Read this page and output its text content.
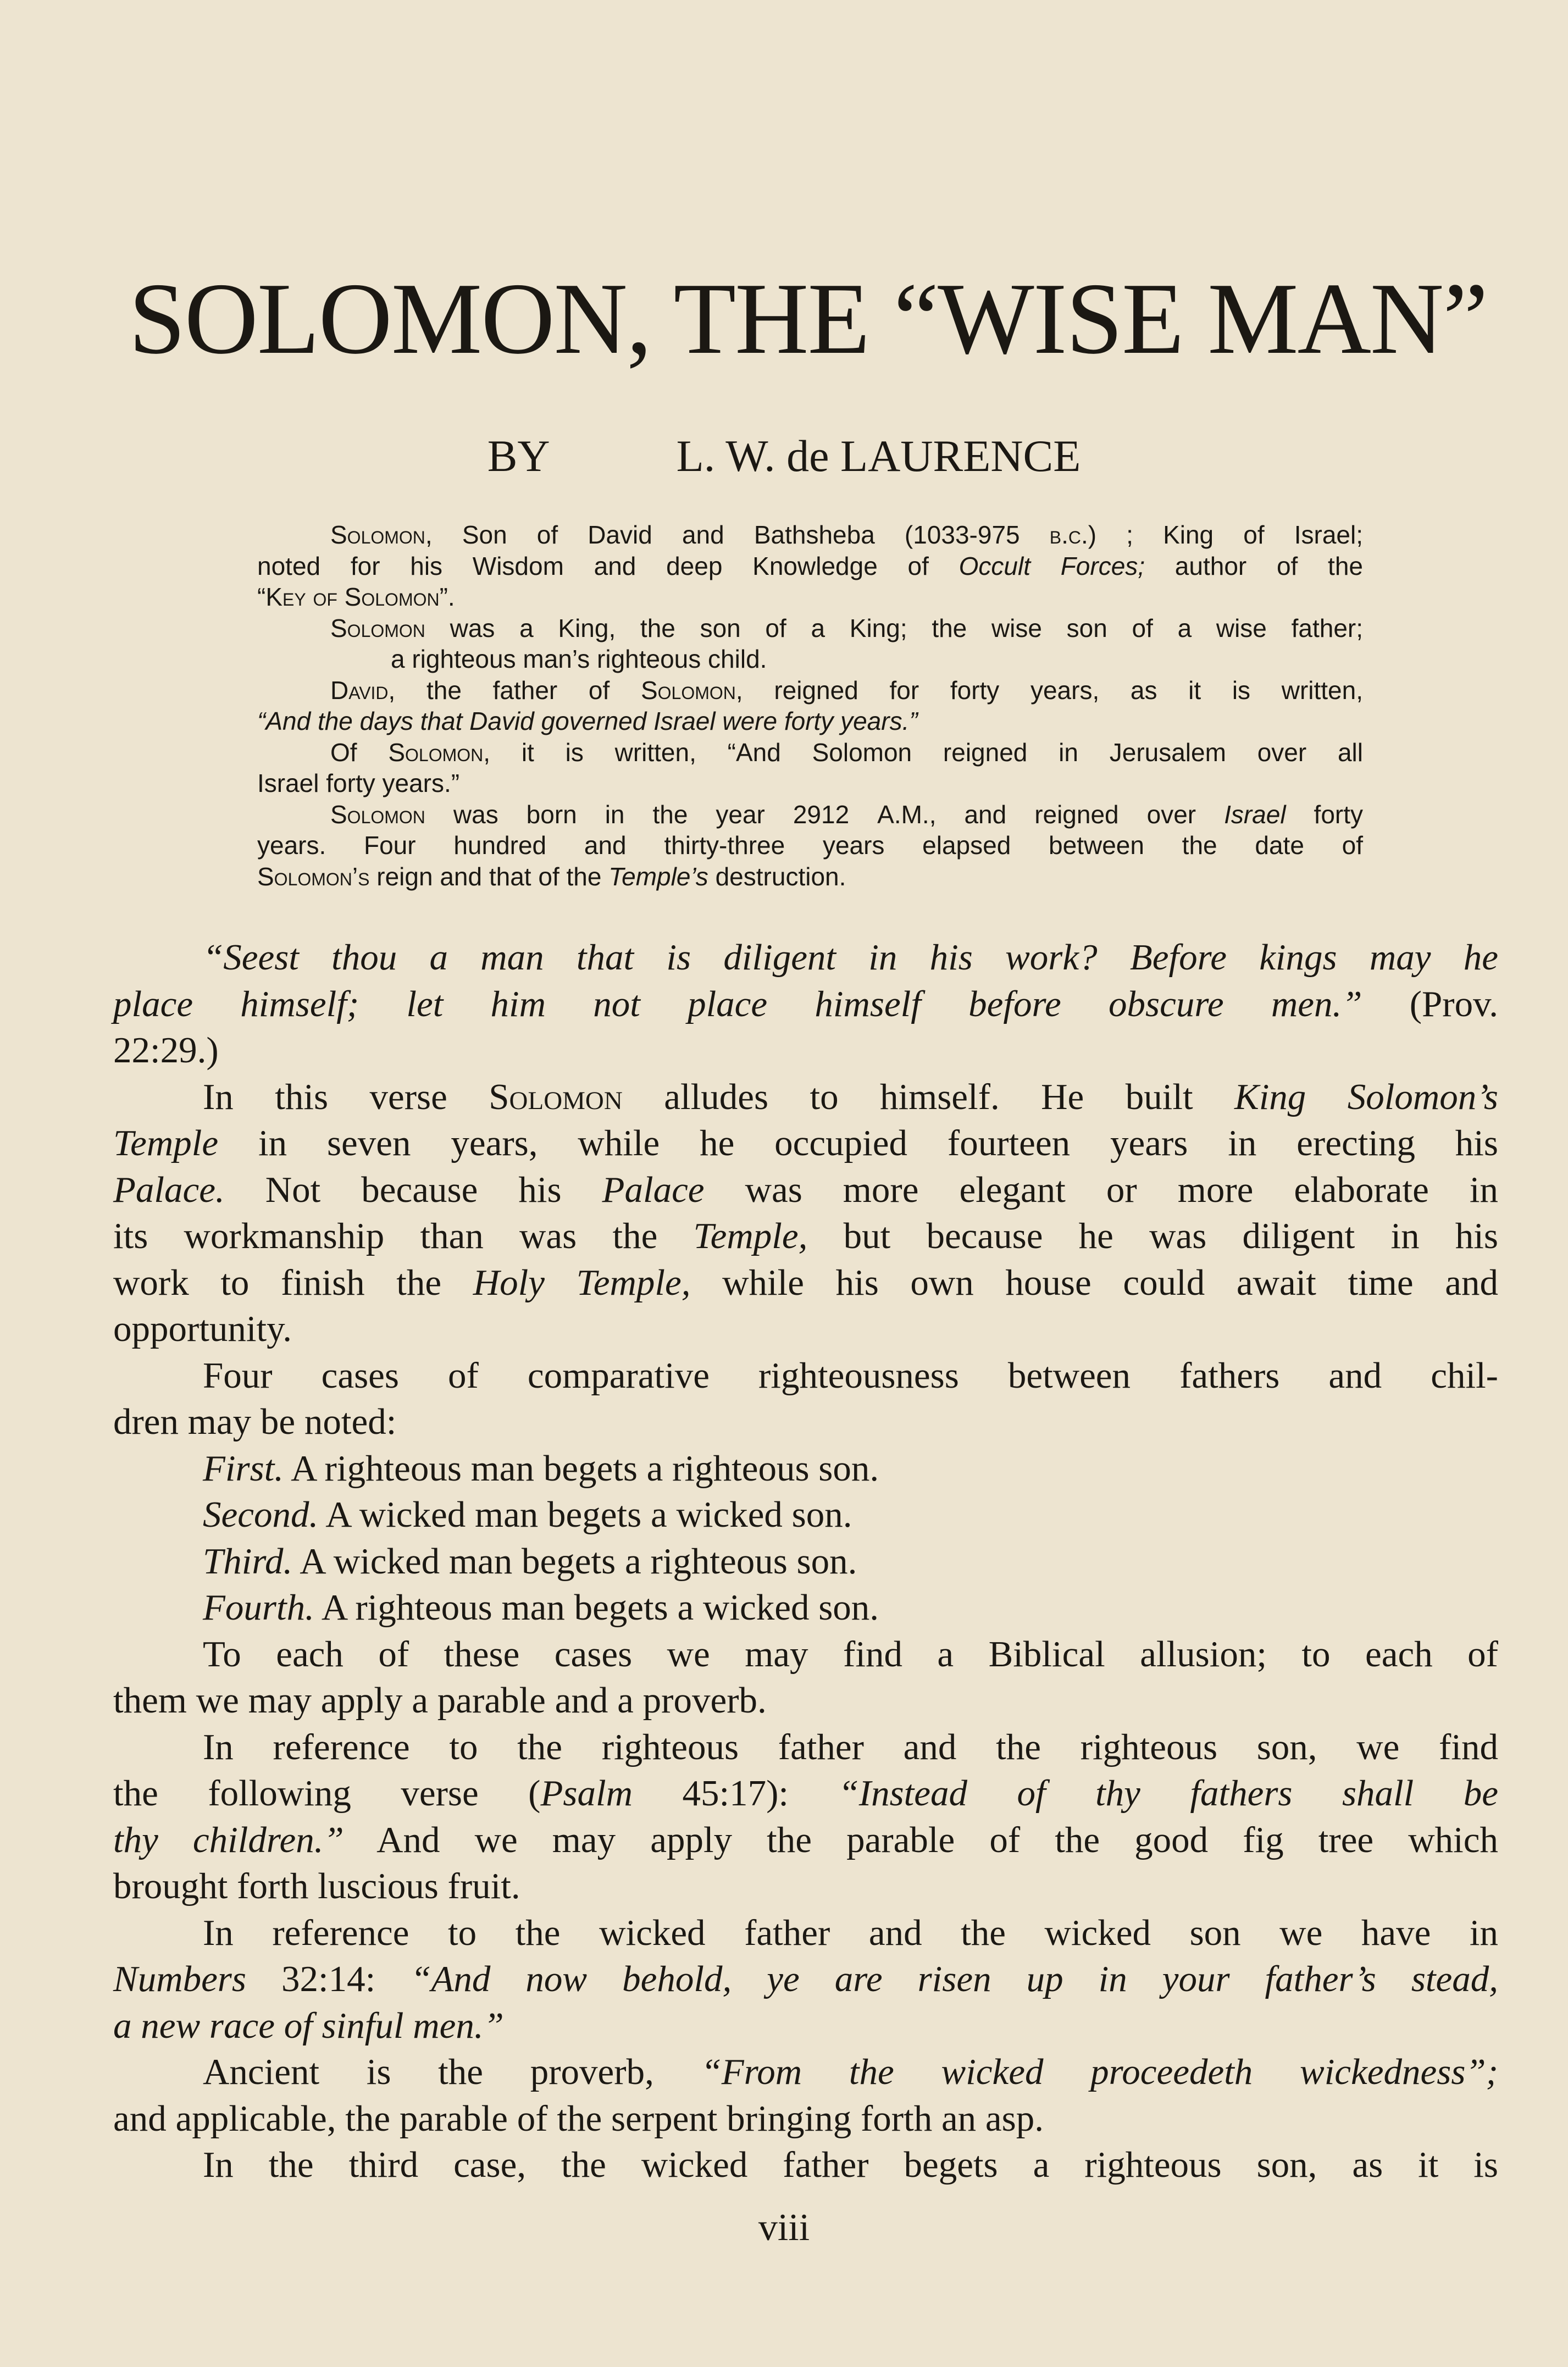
SOLOMON, THE “WISE MAN”
BY	L. W. de LAURENCE

Solomon, Son of David and Bathsheba (1033-975 b.c.) ; King of Israel;

noted for his Wisdom and deep Knowledge of Occult Forces; author of the

“Key of Solomon”.

Solomon was a King, the son of a King; the wise son of a wise father;

a righteous man’s righteous child.

David, the father of Solomon, reigned for forty years, as it is written,

“And the days that David governed Israel were forty years.”

Of Solomon, it is written, “And Solomon reigned in Jerusalem over all

Israel forty years.”

Solomon was born in the year 2912 A.M., and reigned over Israel forty

years. Four hundred and thirty-three years elapsed between the date of

Solomon’s reign and that of the Temple’s destruction.

“Seest thou a man that is diligent in his work? Before kings may he

place himself; let him not place himself before obscure men.” (Prov.

22:29.)

In this verse Solomon alludes to himself. He built King Solomon’s

Temple in seven years, while he occupied fourteen years in erecting his

Palace. Not because his Palace was more elegant or more elaborate in

its workmanship than was the Temple, but because he was diligent in his

work to finish the Holy Temple, while his own house could await time and

opportunity.

Four cases of comparative righteousness between fathers and chil-

dren may be noted:

First. A righteous man begets a righteous son.

Second. A wicked man begets a wicked son.

Third. A wicked man begets a righteous son.

Fourth. A righteous man begets a wicked son.

To each of these cases we may find a Biblical allusion; to each of

them we may apply a parable and a proverb.

In reference to the righteous father and the righteous son, we find

the following verse (Psalm 45:17): “Instead of thy fathers shall be

thy children.” And we may apply the parable of the good fig tree which

brought forth luscious fruit.

In reference to the wicked father and the wicked son we have in

Numbers 32:14: “And now behold, ye are risen up in your father’s stead,

a new race of sinful men.”

Ancient is the proverb, “From the wicked proceedeth wickedness”;

and applicable, the parable of the serpent bringing forth an asp.

In the third case, the wicked father begets a righteous son, as it is

viii
